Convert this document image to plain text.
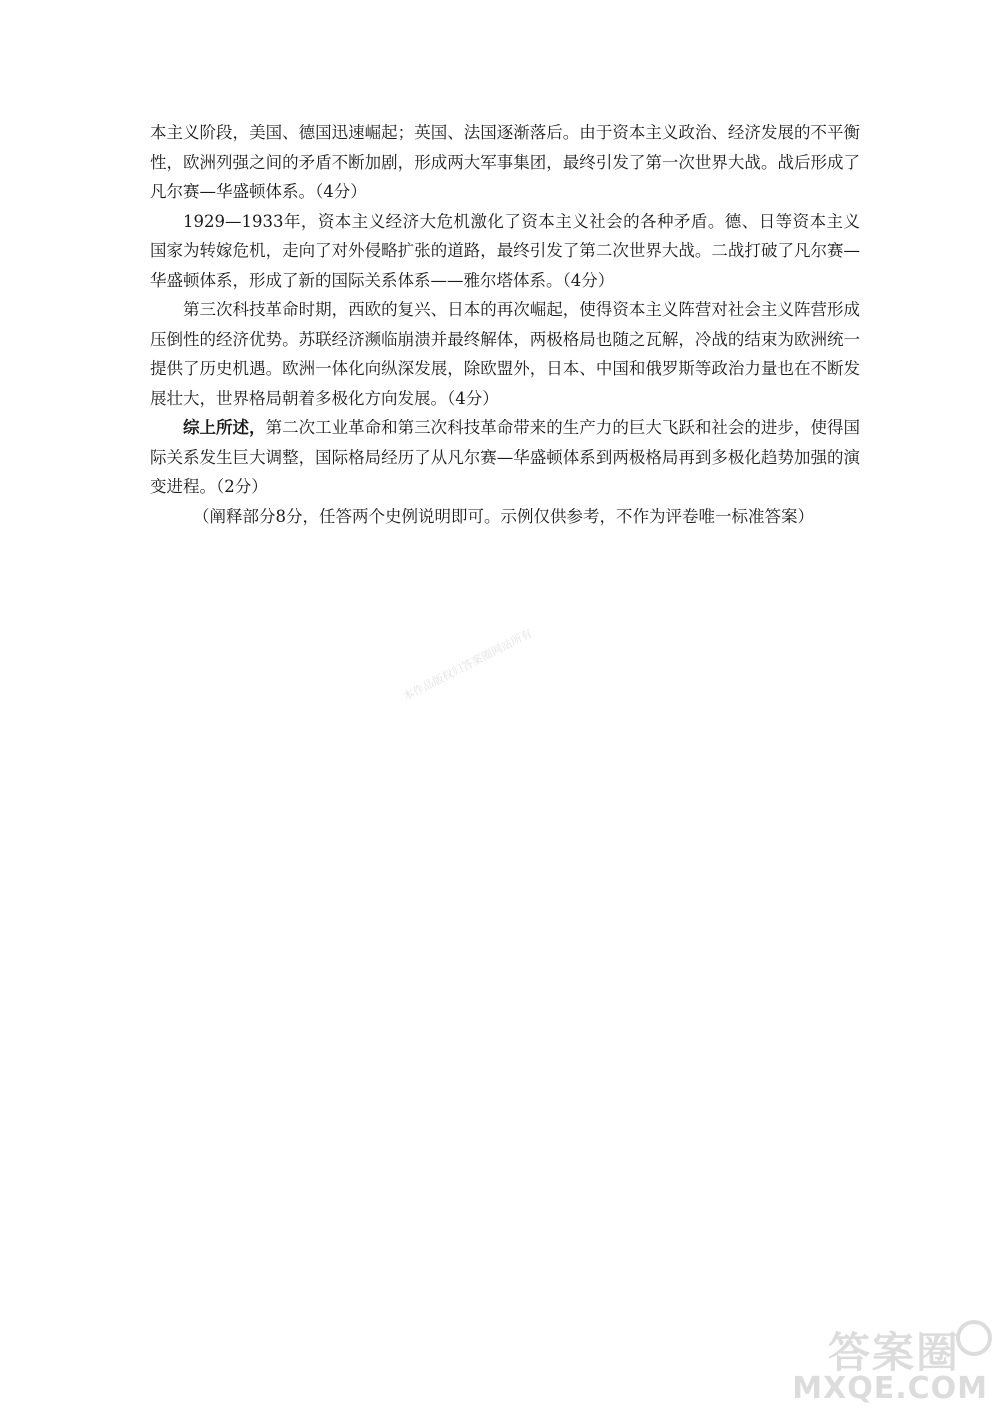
本主义阶段，美国、德国迅速崛起；英国、法国逐渐落后。由于资本主义政治、经济发展的不平衡性，欧洲列强之间的矛盾不断加剧，形成两大军事集团，最终引发了第一次世界大战。战后形成了凡尔赛—华盛顿体系。（4分）

1929—1933年，资本主义经济大危机激化了资本主义社会的各种矛盾。德、日等资本主义国家为转嫁危机，走向了对外侵略扩张的道路，最终引发了第二次世界大战。二战打破了凡尔赛—华盛顿体系，形成了新的国际关系体系——雅尔塔体系。（4分）

第三次科技革命时期，西欧的复兴、日本的再次崛起，使得资本主义阵营对社会主义阵营形成压倒性的经济优势。苏联经济濒临崩溃并最终解体，两极格局也随之瓦解，冷战的结束为欧洲统一提供了历史机遇。欧洲一体化向纵深发展，除欧盟外，日本、中国和俄罗斯等政治力量也在不断发展壮大，世界格局朝着多极化方向发展。（4分）

综上所述，第二次工业革命和第三次科技革命带来的生产力的巨大飞跃和社会的进步，使得国际关系发生巨大调整，国际格局经历了从凡尔赛—华盛顿体系到两极格局再到多极化趋势加强的演变进程。（2分）

（阐释部分8分，任答两个史例说明即可。示例仅供参考，不作为评卷唯一标准答案）

本作品版权归答案圈网站所有
答案圈
MXQE.COM
